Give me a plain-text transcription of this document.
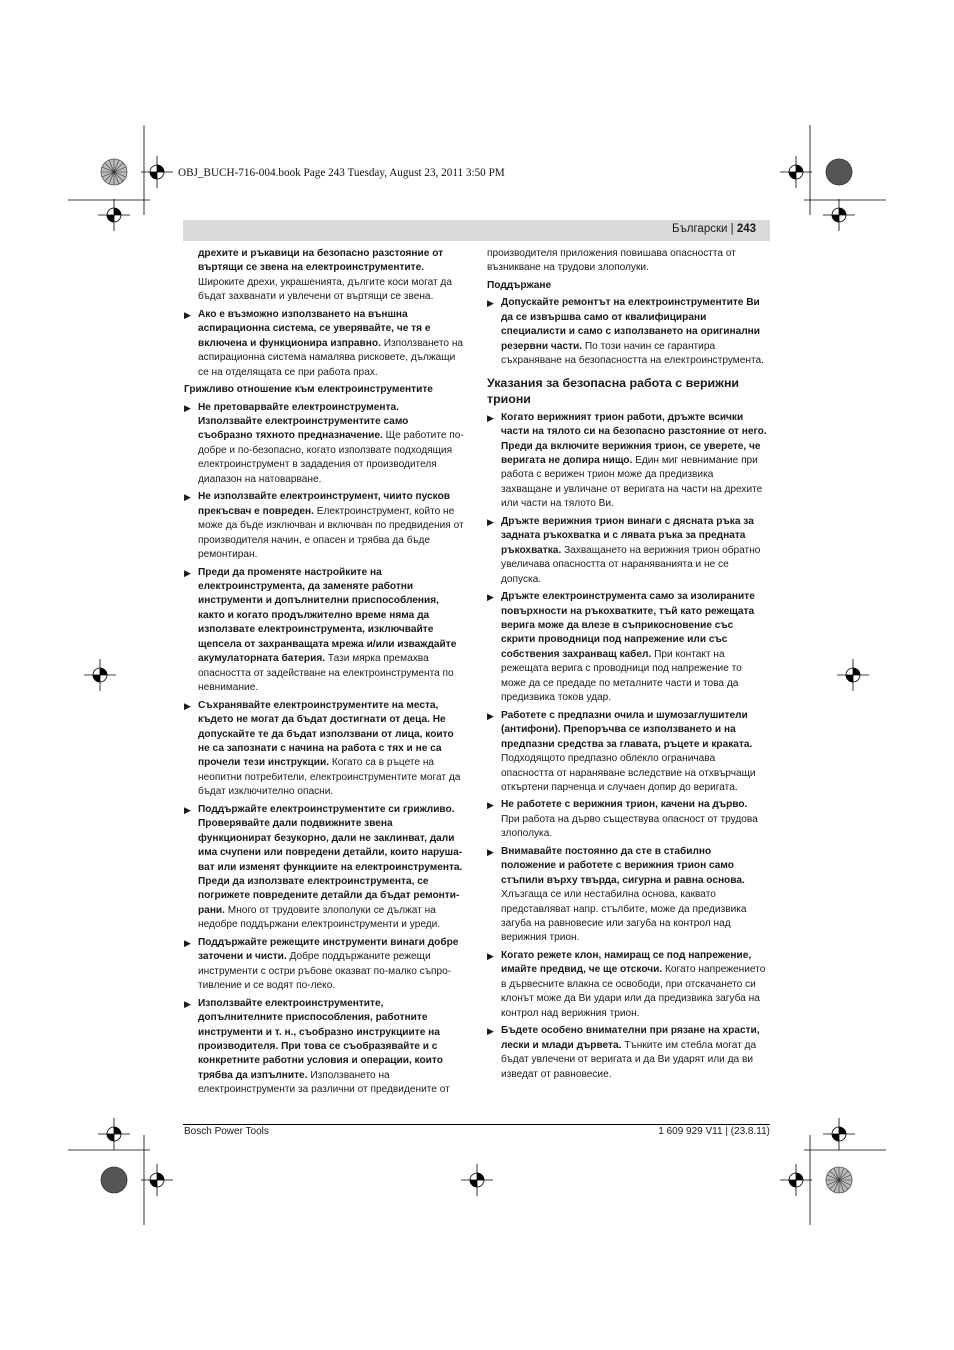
OBJ_BUCH-716-004.book Page 243 Tuesday, August 23, 2011 3:50 PM
Български | 243
дрехите и ръкавици на безопасно разстояние от въртящи се звена на електроинструментите. Широките дрехи, украшенията, дългите коси могат да бъдат захванати и увлечени от въртящи се звена.
▶ Ако е възможно използването на външна аспирационна система, се уверявайте, че тя е включена и функционира изправно. Използването на аспирационна система намалява рисковете, дължащи се на отделящата се при работа прах.
Грижливо отношение към електроинструментите
▶ Не претоварвайте електроинструмента. Използвайте електроинструментите само съобразно тяхното предназначение. Ще работите по-добре и по-безопасно, когато използвате подходящия електроинструмент в зададения от производителя диапазон на натоварване.
▶ Не използвайте електроинструмент, чиито пусков прекъсвач е повреден. Електроинструмент, който не може да бъде изключван и включван по предвидения от производителя начин, е опасен и трябва да бъде ремонтиран.
▶ Преди да променяте настройките на електроинструмента, да заменяте работни инструменти и допълнителни приспособления, както и когато продължително време няма да използвате електроинструмента, изключвайте щепсела от захранващата мрежа и/или изваждайте акумулаторната батерия. Тази мярка премахва опасността от задействане на електроинструмента по невнимание.
▶ Съхранявайте електроинструментите на места, където не могат да бъдат достигнати от деца. Не допускайте те да бъдат използвани от лица, които не са запознати с начина на работа с тях и не са прочели тези инструкции. Когато са в ръцете на неопитни потребители, електроинструментите могат да бъдат изключително опасни.
▶ Поддържайте електроинструментите си грижливо. Проверявайте дали подвижните звена функционират безукорно, дали не заклинват, дали има счупени или повредени детайли, които нарушават или изменят функциите на електроинструмента. Преди да използвате електроинструмента, се погрижете повредените детайли да бъдат ремонтирани. Много от трудовите злополуки се дължат на недобре поддържани електроинструменти и уреди.
▶ Поддържайте режещите инструменти винаги добре заточени и чисти. Добре поддържаните режещи инструменти с остри ръбове оказват по-малко съпротивление и се водят по-леко.
▶ Използвайте електроинструментите, допълнителните приспособления, работните инструменти и т. н., съобразно инструкциите на производителя. При това се съобразявайте и с конкретните работни условия и операции, които трябва да изпълните. Използването на електроинструменти за различни от предвидените от
производителя приложения повишава опасността от възникване на трудови злополуки.
Поддържане
▶ Допускайте ремонтът на електроинструментите Ви да се извършва само от квалифицирани специалисти и само с използването на оригинални резервни части. По този начин се гарантира съхраняване на безопасността на електроинструмента.
Указания за безопасна работа с верижни триони
▶ Когато верижният трион работи, дръжте всички части на тялото си на безопасно разстояние от него. Преди да включите верижния трион, се уверете, че веригата не допира нищо. Един миг невнимание при работа с верижен трион може да предизвика захващане и увличане от веригата на части на дрехите или части на тялото Ви.
▶ Дръжте верижния трион винаги с дясната ръка за задната ръкохватка и с лявата ръка за предната ръкохватка. Захващането на верижния трион обратно увеличава опасността от нараняванията и не се допуска.
▶ Дръжте електроинструмента само за изолираните повърхности на ръкохватките, тъй като режещата верига може да влезе в съприкосновение със скрити проводници под напрежение или със собствения захранващ кабел. При контакт на режещата верига с проводници под напрежение то може да се предаде по металните части и това да предизвика токов удар.
▶ Работете с предпазни очила и шумозаглушители (антифони). Препоръчва се използването и на предпазни средства за главата, ръцете и краката. Подходящото предпазно облекло ограничава опасността от нараняване вследствие на отхвърчащи откъртени парченца и случаен допир до веригата.
▶ Не работете с верижния трион, качени на дърво. При работа на дърво съществува опасност от трудова злополука.
▶ Внимавайте постоянно да сте в стабилно положение и работете с верижния трион само стъпили върху твърда, сигурна и равна основа. Хлъзгаща се или нестабилна основа, каквато представляват напр. стълбите, може да предизвика загуба на равновесие или загуба на контрол над верижния трион.
▶ Когато режете клон, намиращ се под напрежение, имайте предвид, че ще отскочи. Когато напрежението в дървесните влакна се освободи, при отскачането си клонът може да Ви удари или да предизвика загуба на контрол над верижния трион.
▶ Бъдете особено внимателни при рязане на храсти, лески и млади дървета. Тънките им стебла могат да бъдат увлечени от веригата и да Ви ударят или да ви изведат от равновесие.
Bosch Power Tools	1 609 929 V11 | (23.8.11)
